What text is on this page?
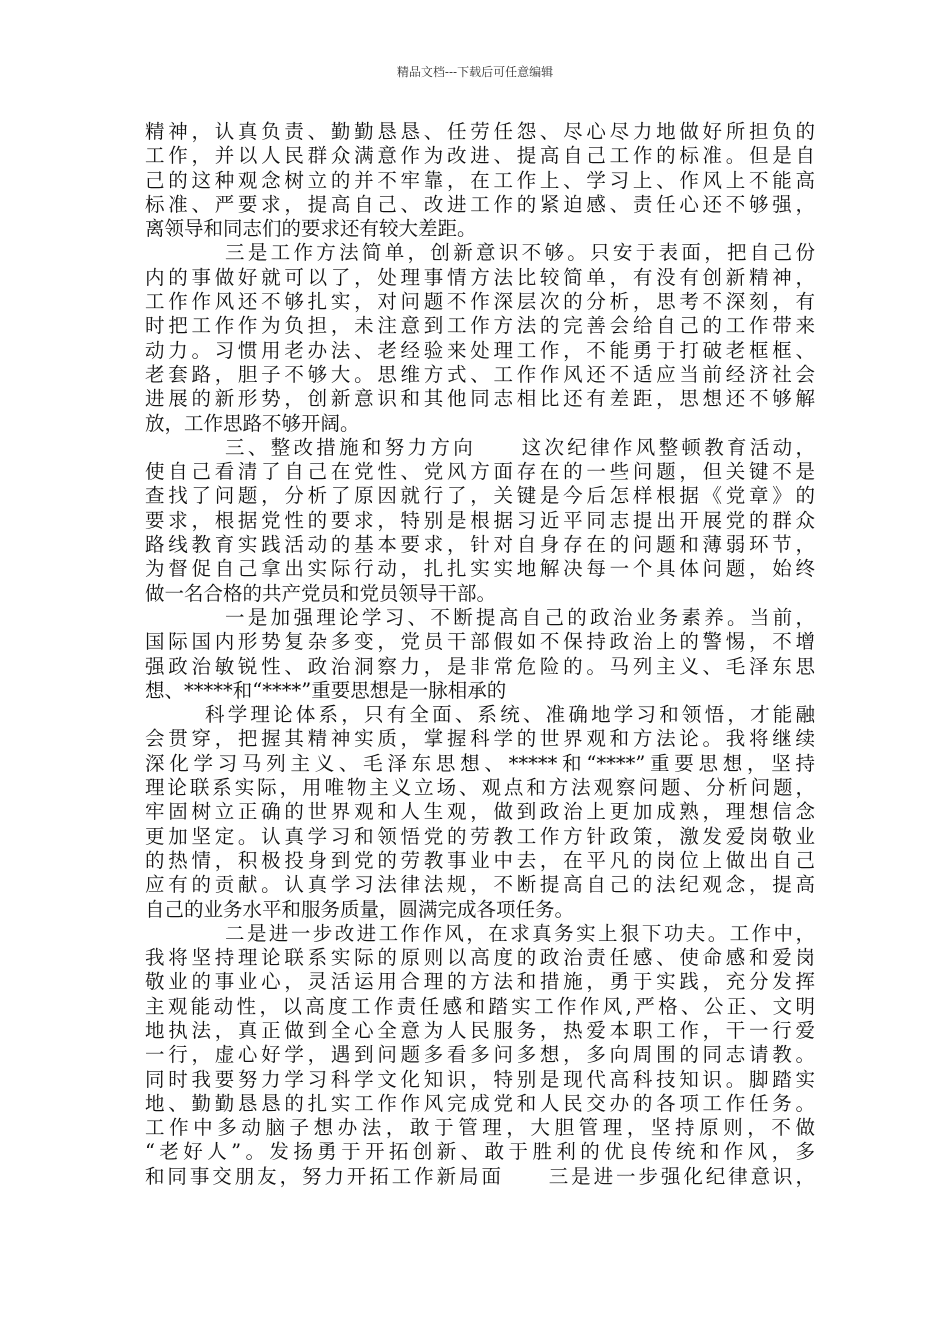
精品文档---下载后可任意编辑
精神，认真负责、勤勤恳恳、任劳任怨、尽心尽力地做好所担负的
工作，并以人民群众满意作为改进、提高自己工作的标准。但是自
己的这种观念树立的并不牢靠，在工作上、学习上、作风上不能高
标准、严要求，提高自己、改进工作的紧迫感、责任心还不够强，
离领导和同志们的要求还有较大差距。
三是工作方法简单，创新意识不够。只安于表面，把自己份
内的事做好就可以了，处理事情方法比较简单，有没有创新精神，
工作作风还不够扎实，对问题不作深层次的分析，思考不深刻，有
时把工作作为负担，未注意到工作方法的完善会给自己的工作带来
动力。习惯用老办法、老经验来处理工作，不能勇于打破老框框、
老套路，胆子不够大。思维方式、工作作风还不适应当前经济社会
进展的新形势，创新意识和其他同志相比还有差距，思想还不够解
放，工作思路不够开阔。
三、整改措施和努力方向　　这次纪律作风整顿教育活动，
使自己看清了自己在党性、党风方面存在的一些问题，但关键不是
查找了问题，分析了原因就行了，关键是今后怎样根据《党章》的
要求，根据党性的要求，特别是根据习近平同志提出开展党的群众
路线教育实践活动的基本要求，针对自身存在的问题和薄弱环节，
为督促自己拿出实际行动，扎扎实实地解决每一个具体问题，始终
做一名合格的共产党员和党员领导干部。
一是加强理论学习、不断提高自己的政治业务素养。当前，
国际国内形势复杂多变，党员干部假如不保持政治上的警惕，不增
强政治敏锐性、政治洞察力，是非常危险的。马列主义、毛泽东思
想、*****和“****”重要思想是一脉相承的
科学理论体系，只有全面、系统、准确地学习和领悟，才能融
会贯穿，把握其精神实质，掌握科学的世界观和方法论。我将继续
深化学习马列主义、毛泽东思想、*****和“****”重要思想，坚持
理论联系实际，用唯物主义立场、观点和方法观察问题、分析问题，
牢固树立正确的世界观和人生观，做到政治上更加成熟，理想信念
更加坚定。认真学习和领悟党的劳教工作方针政策，激发爱岗敬业
的热情，积极投身到党的劳教事业中去，在平凡的岗位上做出自己
应有的贡献。认真学习法律法规，不断提高自己的法纪观念，提高
自己的业务水平和服务质量，圆满完成各项任务。
二是进一步改进工作作风，在求真务实上狠下功夫。工作中，
我将坚持理论联系实际的原则以高度的政治责任感、使命感和爱岗
敬业的事业心，灵活运用合理的方法和措施，勇于实践，充分发挥
主观能动性，以高度工作责任感和踏实工作作风,严格、公正、文明
地执法，真正做到全心全意为人民服务，热爱本职工作，干一行爱
一行，虚心好学，遇到问题多看多问多想，多向周围的同志请教。
同时我要努力学习科学文化知识，特别是现代高科技知识。脚踏实
地、勤勤恳恳的扎实工作作风完成党和人民交办的各项工作任务。
工作中多动脑子想办法，敢于管理，大胆管理，坚持原则，不做
“老好人”。发扬勇于开拓创新、敢于胜利的优良传统和作风，多
和同事交朋友，努力开拓工作新局面　　三是进一步强化纪律意识，
